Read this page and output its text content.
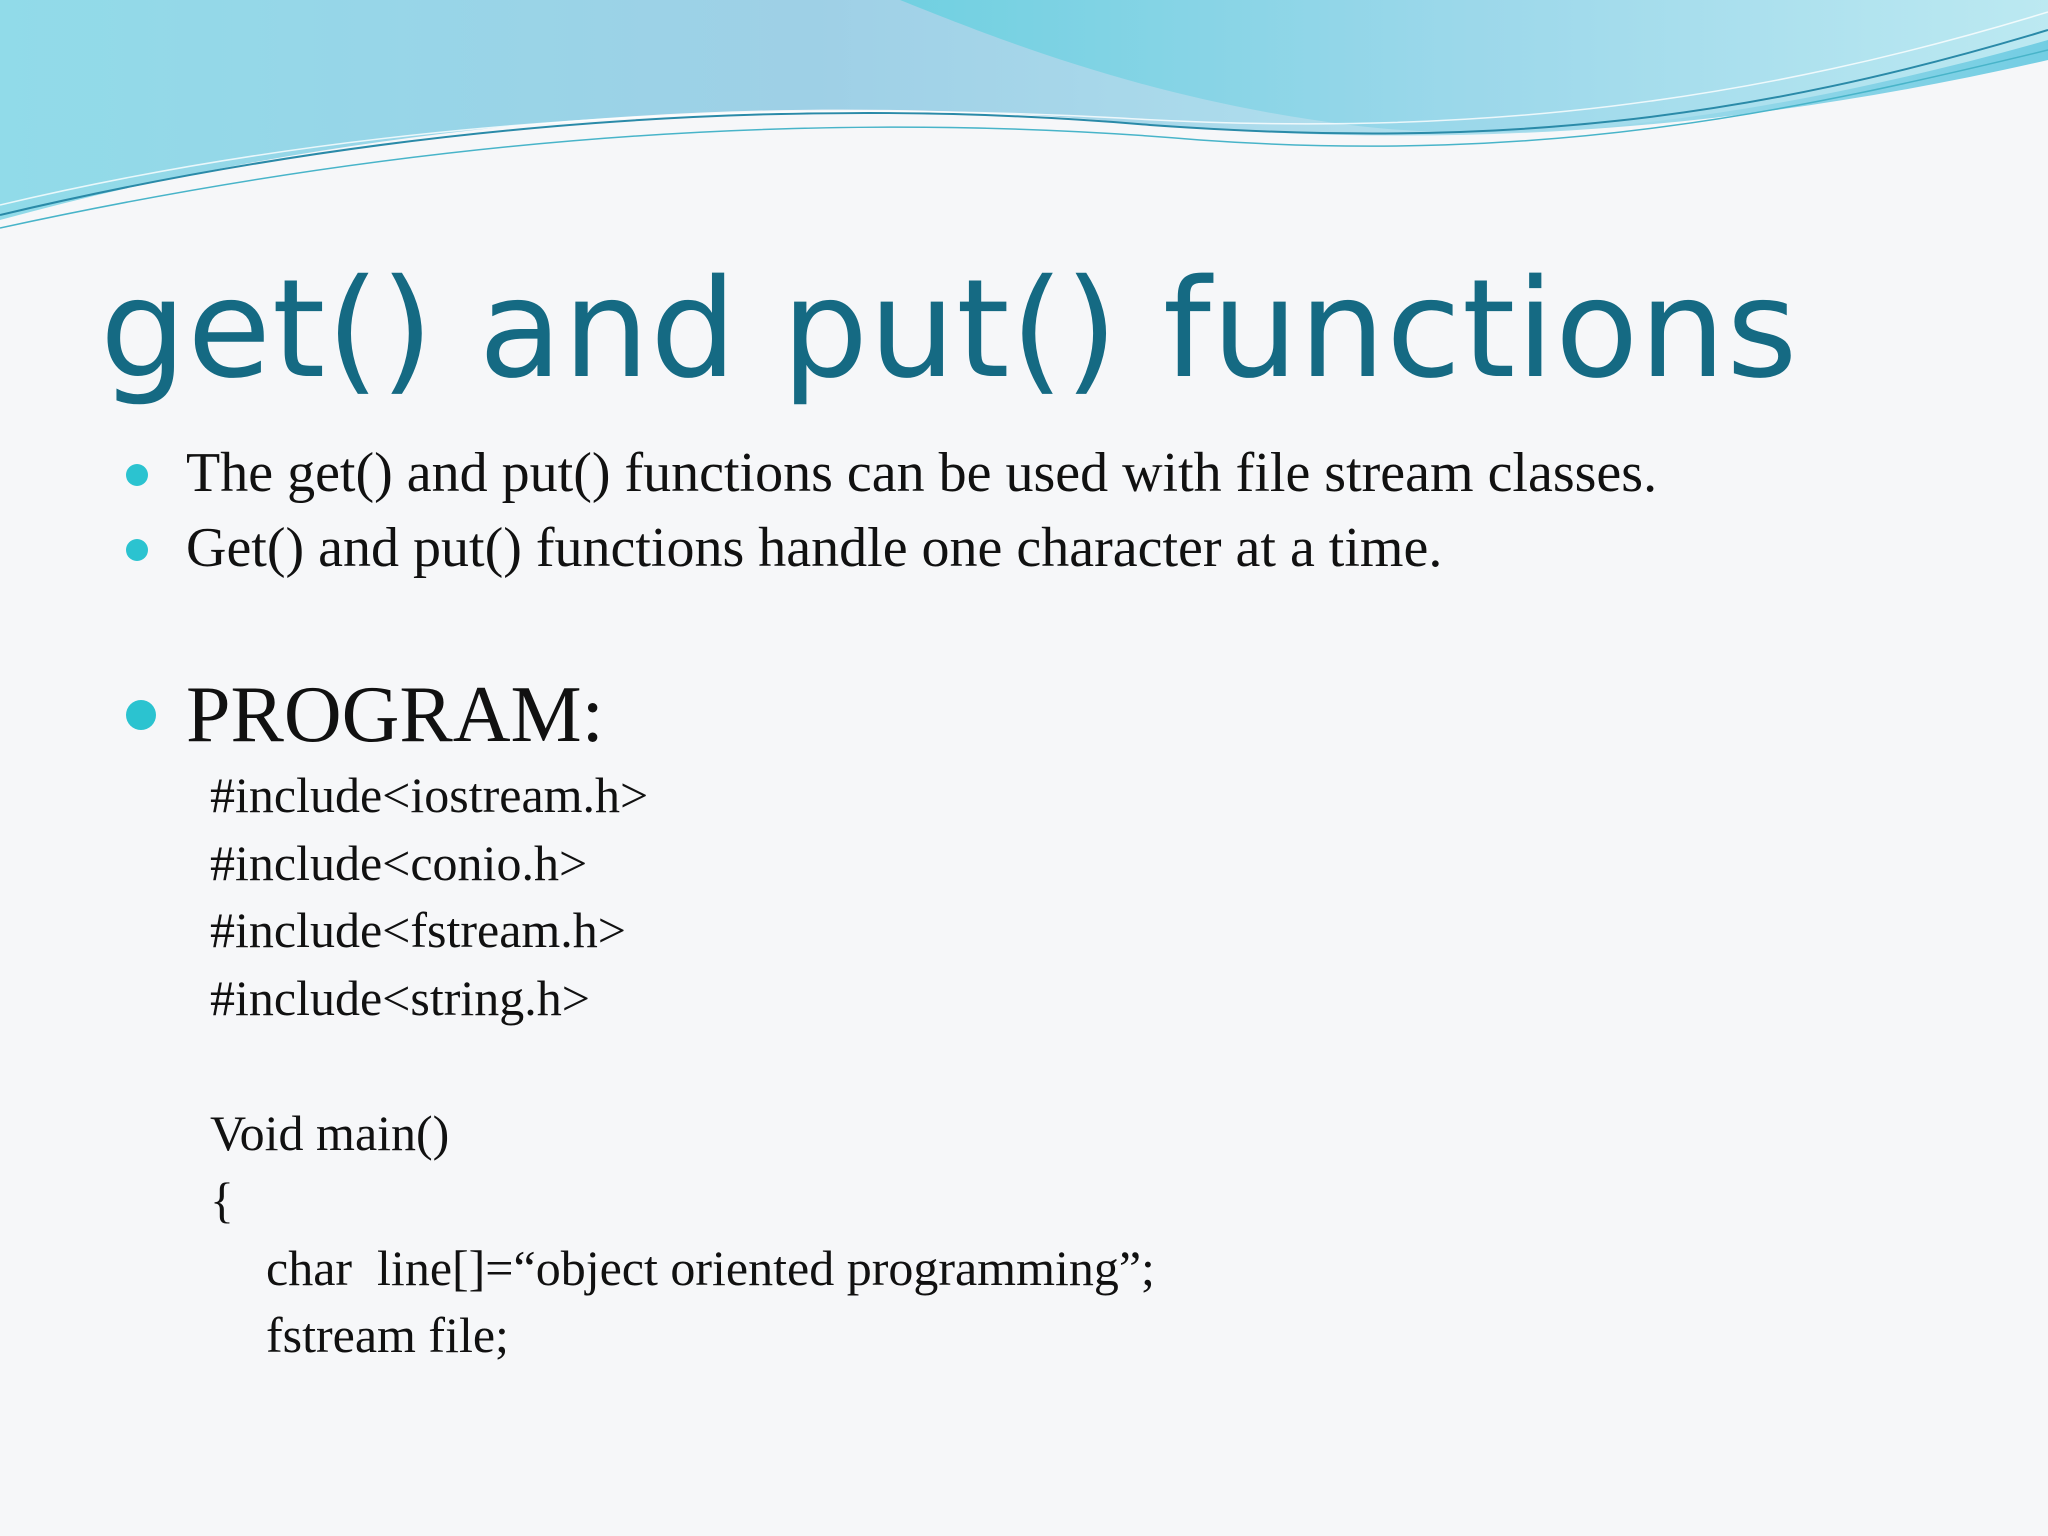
get() and put() functions
The get() and put() functions can be used with file stream classes.
Get() and put() functions handle one character at a time.
PROGRAM:
#include<iostream.h>
#include<conio.h>
#include<fstream.h>
#include<string.h>
Void main()
{
char  line[]=“object oriented programming”;
fstream file;
